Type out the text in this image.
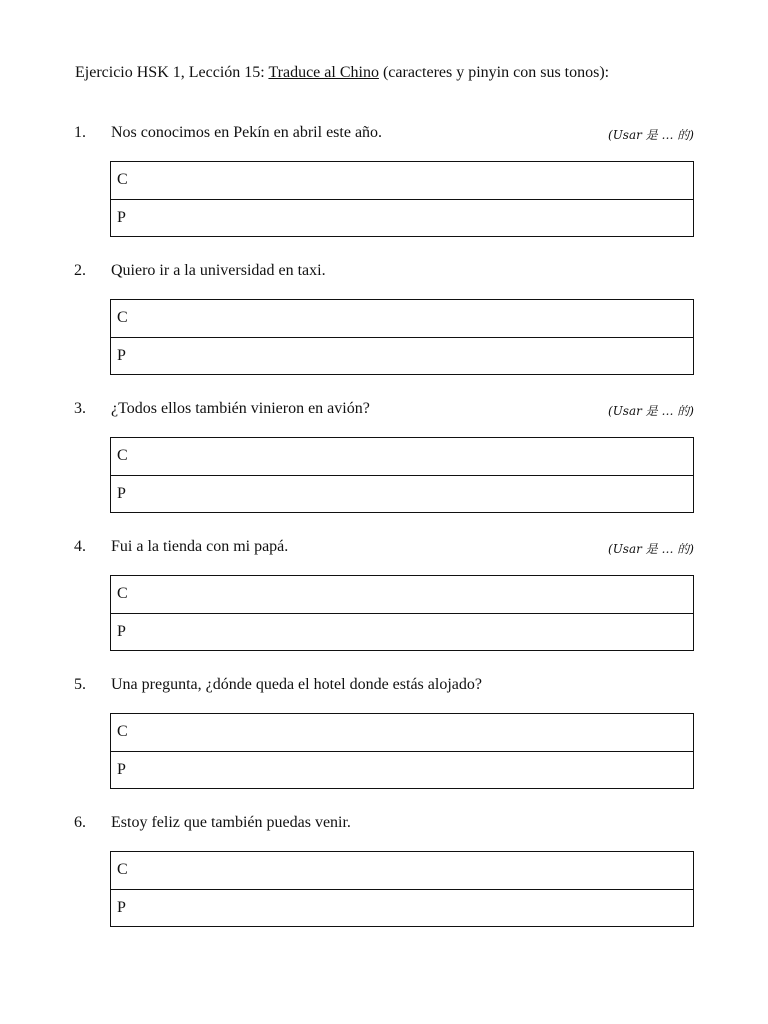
Ejercicio HSK 1, Lección 15: Traduce al Chino (caracteres y pinyin con sus tonos):
1. Nos conocimos en Pekín en abril este año.	(Usar 是 … 的)
C
P
2. Quiero ir a la universidad en taxi.
C
P
3. ¿Todos ellos también vinieron en avión?	(Usar 是 … 的)
C
P
4. Fui a la tienda con mi papá.	(Usar 是 … 的)
C
P
5. Una pregunta, ¿dónde queda el hotel donde estás alojado?
C
P
6. Estoy feliz que también puedas venir.
C
P
